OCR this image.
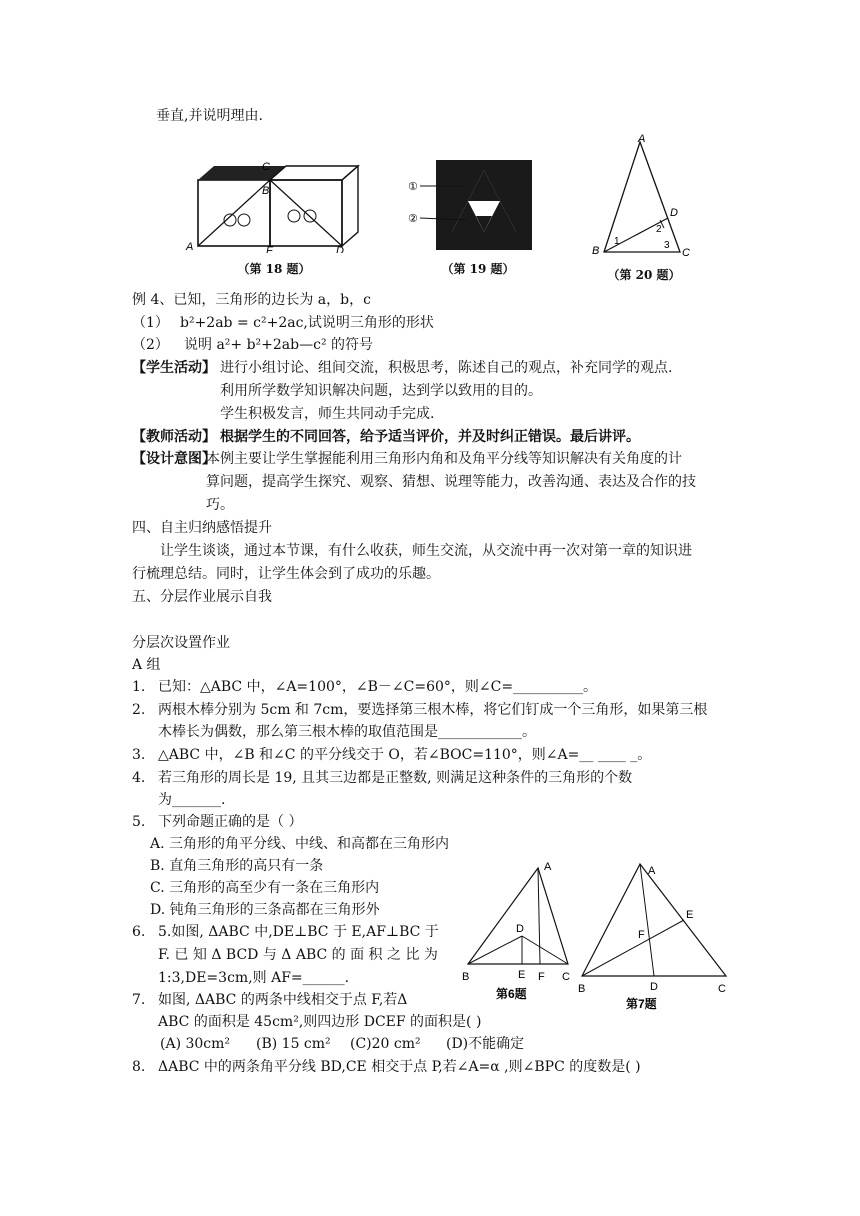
垂直,并说明理由.
A
B
C
D
F
（第 18 题）
①
②
（第 19 题）
A
B	C
D
1
2
3
（第 20 题）
例 4、已知，三角形的边长为 a，b，c
（1） b²+2ab = c²+2ac,试说明三角形的形状
（2） 说明 a²+ b²+2ab—c² 的符号
【学生活动】 进行小组讨论、组间交流，积极思考，陈述自己的观点，补充同学的观点.
利用所学数学知识解决问题，达到学以致用的目的。
学生积极发言，师生共同动手完成.
【教师活动】 根据学生的不同回答，给予适当评价，并及时纠正错误。最后讲评。
【设计意图】
本例主要让学生掌握能利用三角形内角和及角平分线等知识解决有关角度的计
算问题，提高学生探究、观察、猜想、说理等能力，改善沟通、表达及合作的技
巧。
四、自主归纳感悟提升
让学生谈谈，通过本节课，有什么收获，师生交流，从交流中再一次对第一章的知识进
行梳理总结。同时，让学生体会到了成功的乐趣。
五、分层作业展示自我
分层次设置作业
A 组
1. 已知：△ABC 中，∠A=100°，∠B－∠C=60°，则∠C=__________。
2. 两根木棒分别为 5cm 和 7cm，要选择第三根木棒，将它们钉成一个三角形，如果第三根
木棒长为偶数，那么第三根木棒的取值范围是____________。
3. △ABC 中，∠B 和∠C 的平分线交于 O，若∠BOC=110°，则∠A=__ ____ _。
4. 若三角形的周长是 19, 且其三边都是正整数, 则满足这种条件的三角形的个数
为_______.
5. 下列命题正确的是（ ）
A. 三角形的角平分线、中线、和高都在三角形内
B. 直角三角形的高只有一条
C. 三角形的高至少有一条在三角形内
D. 钝角三角形的三条高都在三角形外
6. 5.如图, ΔABC 中,DE⊥BC 于 E,AF⊥BC 于
F. 已 知 Δ BCD 与 Δ ABC 的 面 积 之 比 为
1:3,DE=3cm,则 AF=______.
7. 如图, ΔABC 的两条中线相交于点 F,若Δ
ABC 的面积是 45cm²,则四边形 DCEF 的面积是( )
(A) 30cm² (B) 15 cm² (C)20 cm² (D)不能确定
8. ΔABC 中的两条角平分线 BD,CE 相交于点 P,若∠A=α ,则∠BPC 的度数是( )
A
B	C
D
E F
第6题
A
B	C
D
E
F
第7题
